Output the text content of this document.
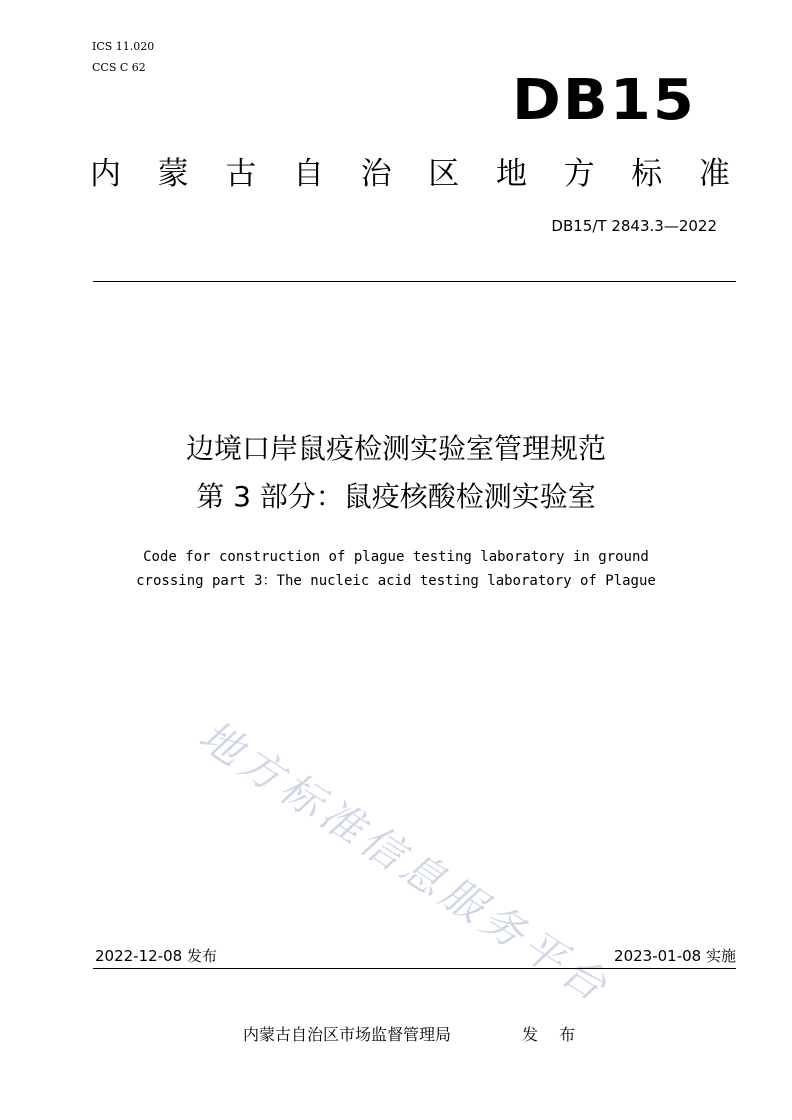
ICS 11.020
CCS C 62
DB15
内 蒙 古 自 治 区 地 方 标 准
DB15/T 2843.3—2022
边境口岸鼠疫检测实验室管理规范
第 3 部分：鼠疫核酸检测实验室
Code for construction of plague testing laboratory in ground
crossing part 3：The nucleic acid testing laboratory of Plague
地方标准信息服务平台
2022-12-08 发布	2023-01-08 实施
内蒙古自治区市场监督管理局	发 布
